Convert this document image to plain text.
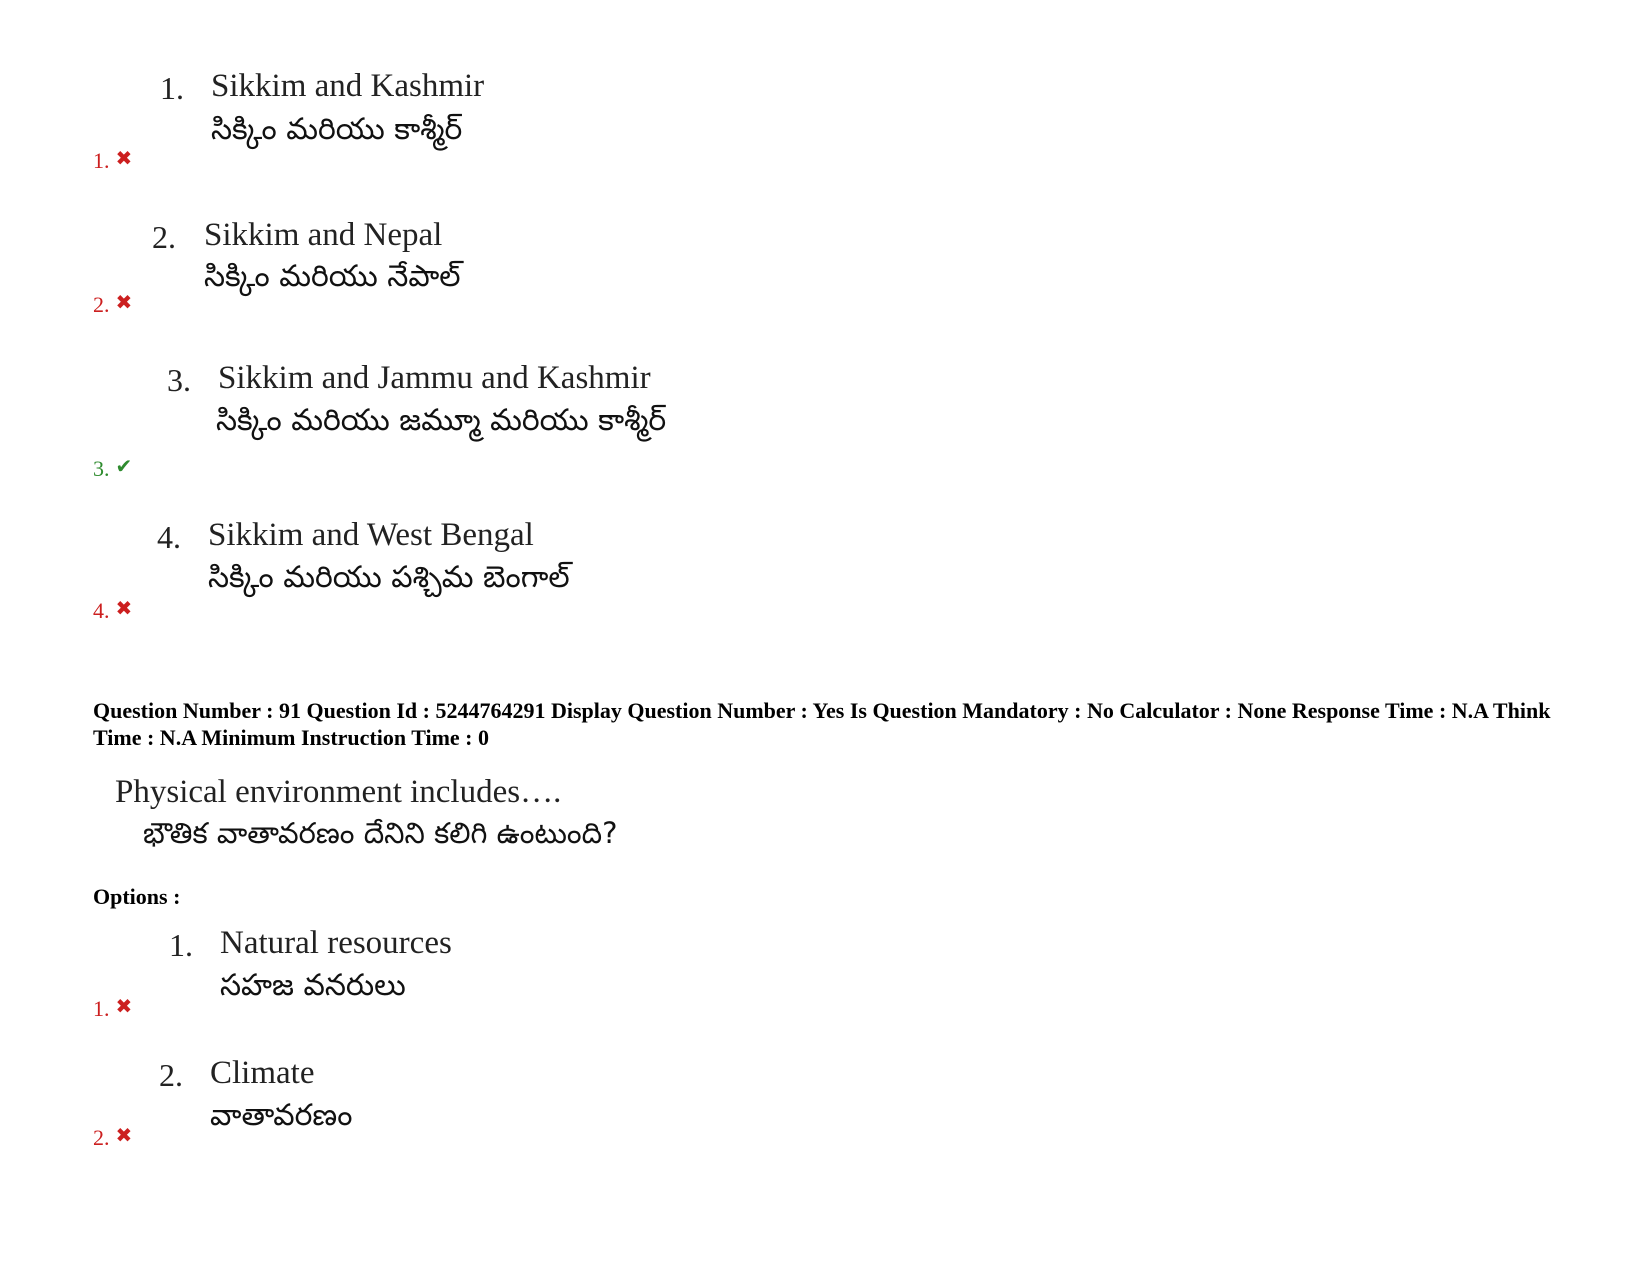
1. Sikkim and Kashmir
సిక్కిం మరియు కాశ్మీర్
1. ✖
2. Sikkim and Nepal
సిక్కిం మరియు నేపాల్
2. ✖
3. Sikkim and Jammu and Kashmir
సిక్కిం మరియు జమ్మూ మరియు కాశ్మీర్
3. ✔
4. Sikkim and West Bengal
సిక్కిం మరియు పశ్చిమ బెంగాల్
4. ✖
Question Number : 91 Question Id : 5244764291 Display Question Number : Yes Is Question Mandatory : No Calculator : None Response Time : N.A Think Time : N.A Minimum Instruction Time : 0
Physical environment includes….
భౌతిక వాతావరణం దేనిని కలిగి ఉంటుంది?
Options :
1. Natural resources
సహజ వనరులు
1. ✖
2. Climate
వాతావరణం
2. ✖
